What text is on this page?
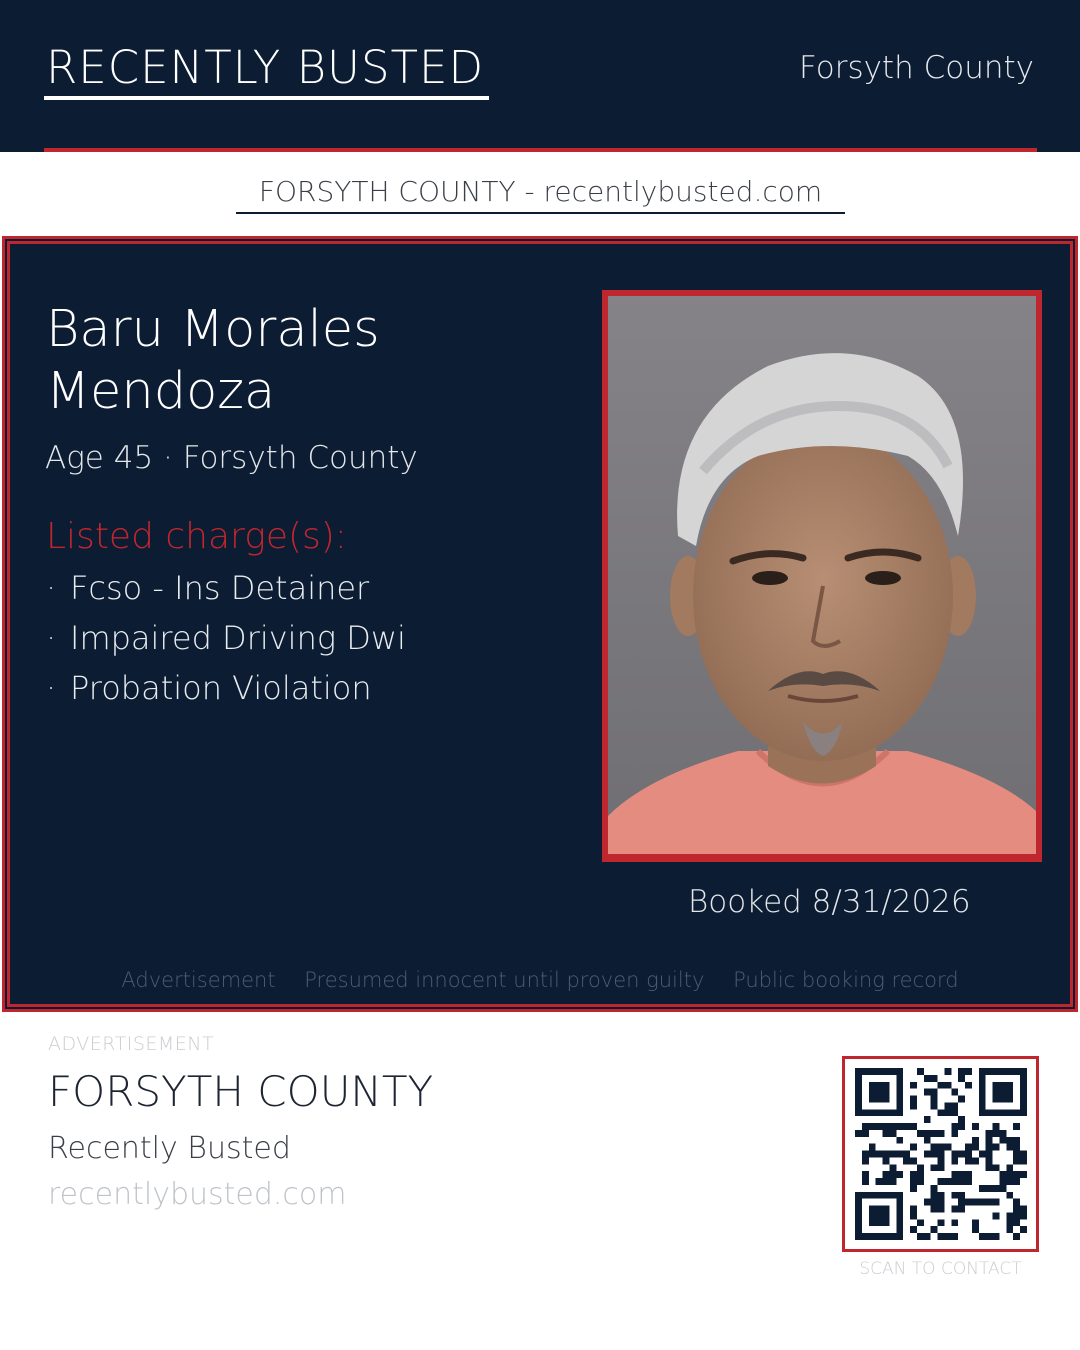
RECENTLY BUSTED	Forsyth County
FORSYTH COUNTY - recentlybusted.com
Baru Morales
Mendoza
Age 45 · Forsyth County
Listed charge(s):
· Fcso - Ins Detainer
· Impaired Driving Dwi
· Probation Violation
Booked 8/31/2026
Advertisement Presumed innocent until proven guilty Public booking record
ADVERTISEMENT
FORSYTH COUNTY
Recently Busted
recentlybusted.com
SCAN TO CONTACT
